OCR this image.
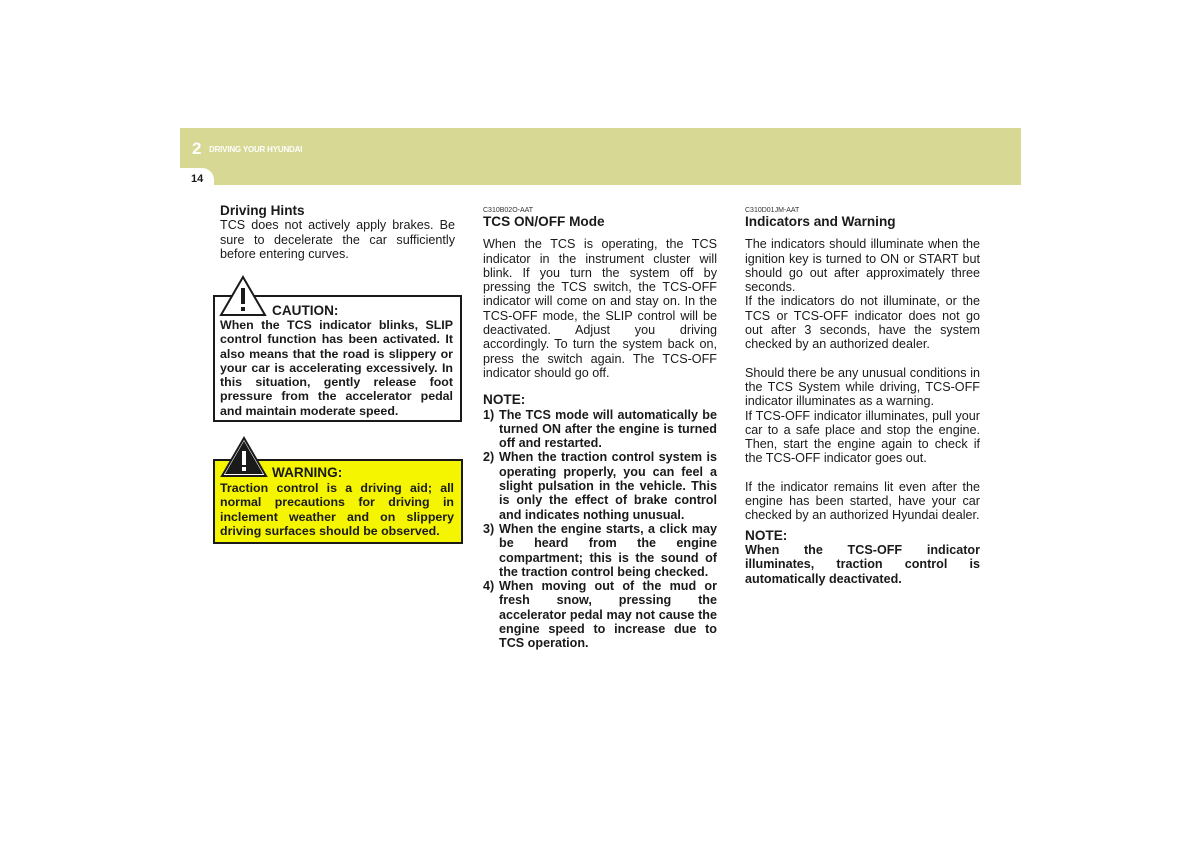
2 DRIVING YOUR HYUNDAI
14

Driving Hints

TCS does not actively apply brakes. Be sure to decelerate the car sufficiently before entering curves.

CAUTION:
When the TCS indicator blinks, SLIP control function has been activated. It also means that the road is slippery or your car is accelerating excessively. In this situation, gently release foot pressure from the accelerator pedal and maintain moderate speed.
WARNING:
Traction control is a driving aid; all normal precautions for driving in inclement weather and on slippery driving surfaces should be observed.

C310B02O-AAT

TCS ON/OFF Mode

When the TCS is operating, the TCS indicator in the instrument cluster will blink. If you turn the system off by pressing the TCS switch, the TCS-OFF indicator will come on and stay on. In the TCS-OFF mode, the SLIP control will be deactivated. Adjust you driving accordingly. To turn the system back on, press the switch again. The TCS-OFF indicator should go off.

NOTE:

1) The TCS mode will automatically be turned ON after the engine is turned off and restarted.
2) When the traction control system is operating properly, you can feel a slight pulsation in the vehicle. This is only the effect of brake control and indicates nothing unusual.
3) When the engine starts, a click may be heard from the engine compartment; this is the sound of the traction control being checked.
4) When moving out of the mud or fresh snow, pressing the accelerator pedal may not cause the engine speed to increase due to TCS operation.

C310D01JM-AAT

Indicators and Warning

The indicators should illuminate when the ignition key is turned to ON or START but should go out after approximately three seconds.

If the indicators do not illuminate, or the TCS or TCS-OFF indicator does not go out after 3 seconds, have the system checked by an authorized dealer.

Should there be any unusual conditions in the TCS System while driving, TCS-OFF indicator illuminates as a warning.

If TCS-OFF indicator illuminates, pull your car to a safe place and stop the engine. Then, start the engine again to check if the TCS-OFF indicator goes out.

If the indicator remains lit even after the engine has been started, have your car checked by an authorized Hyundai dealer.

NOTE:

When the TCS-OFF indicator illuminates, traction control is automatically deactivated.
